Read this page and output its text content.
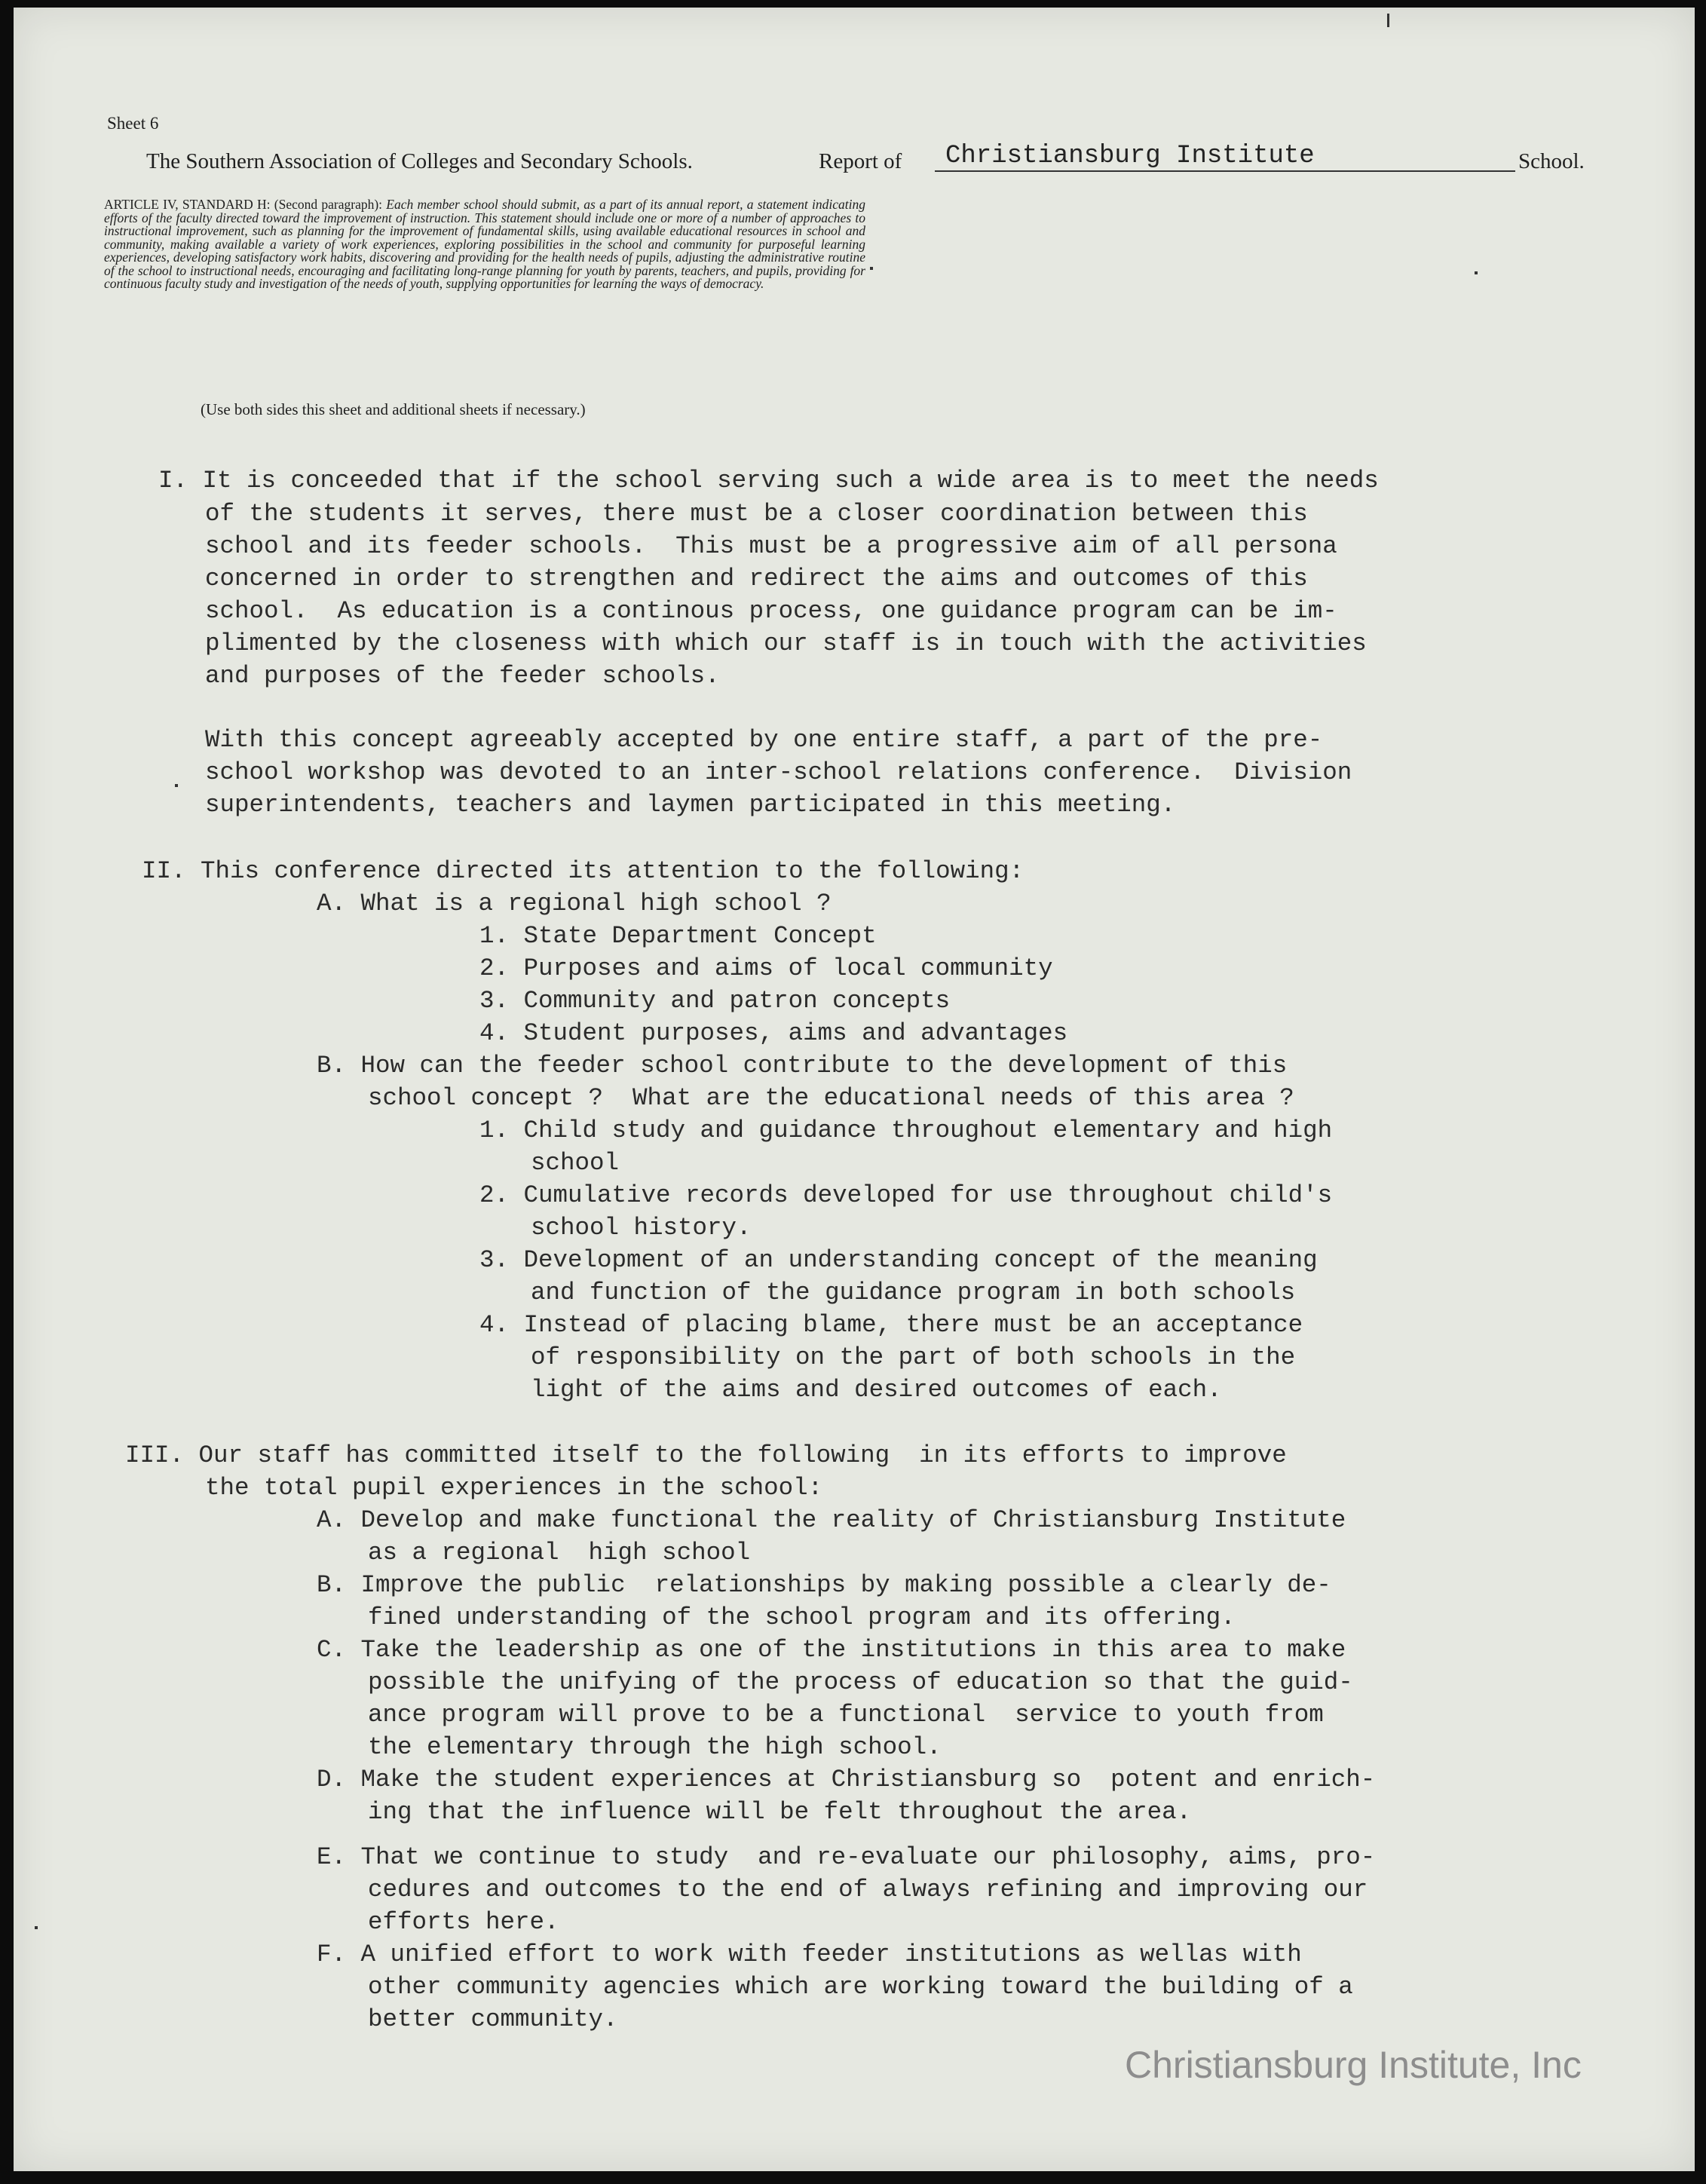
Sheet 6
The Southern Association of Colleges and Secondary Schools.	Report of Christiansburg Institute	School.
ARTICLE IV, STANDARD H: (Second paragraph): Each member school should submit, as a part of its annual report, a statement indicating efforts of the faculty directed toward the improvement of instruction. This statement should include one or more of a number of approaches to instructional improvement, such as planning for the improvement of fundamental skills, using available educational resources in school and community, making available a variety of work experiences, exploring possibilities in the school and community for purposeful learning experiences, developing satisfactory work habits, discovering and providing for the health needs of pupils, adjusting the administrative routine of the school to instructional needs, encouraging and facilitating long-range planning for youth by parents, teachers, and pupils, providing for continuous faculty study and investigation of the needs of youth, supplying opportunities for learning the ways of democracy.
(Use both sides this sheet and additional sheets if necessary.)
I. It is conceeded that if the school serving such a wide area is to meet the needs
of the students it serves, there must be a closer coordination between this
school and its feeder schools.  This must be a progressive aim of all persona
concerned in order to strengthen and redirect the aims and outcomes of this
school.  As education is a continous process, one guidance program can be im-
plimented by the closeness with which our staff is in touch with the activities
and purposes of the feeder schools.
With this concept agreeably accepted by one entire staff, a part of the pre-
school workshop was devoted to an inter-school relations conference.  Division
superintendents, teachers and laymen participated in this meeting.
II. This conference directed its attention to the following:
A. What is a regional high school ?
1. State Department Concept
2. Purposes and aims of local community
3. Community and patron concepts
4. Student purposes, aims and advantages
B. How can the feeder school contribute to the development of this
school concept ?  What are the educational needs of this area ?
1. Child study and guidance throughout elementary and high
school
2. Cumulative records developed for use throughout child's
school history.
3. Development of an understanding concept of the meaning
and function of the guidance program in both schools
4. Instead of placing blame, there must be an acceptance
of responsibility on the part of both schools in the
light of the aims and desired outcomes of each.
III. Our staff has committed itself to the following  in its efforts to improve
the total pupil experiences in the school:
A. Develop and make functional the reality of Christiansburg Institute
as a regional  high school
B. Improve the public  relationships by making possible a clearly de-
fined understanding of the school program and its offering.
C. Take the leadership as one of the institutions in this area to make
possible the unifying of the process of education so that the guid-
ance program will prove to be a functional  service to youth from
the elementary through the high school.
D. Make the student experiences at Christiansburg so  potent and enrich-
ing that the influence will be felt throughout the area.
E. That we continue to study  and re-evaluate our philosophy, aims, pro-
cedures and outcomes to the end of always refining and improving our
efforts here.
F. A unified effort to work with feeder institutions as wellas with
other community agencies which are working toward the building of a
better community.
Christiansburg Institute, Inc
